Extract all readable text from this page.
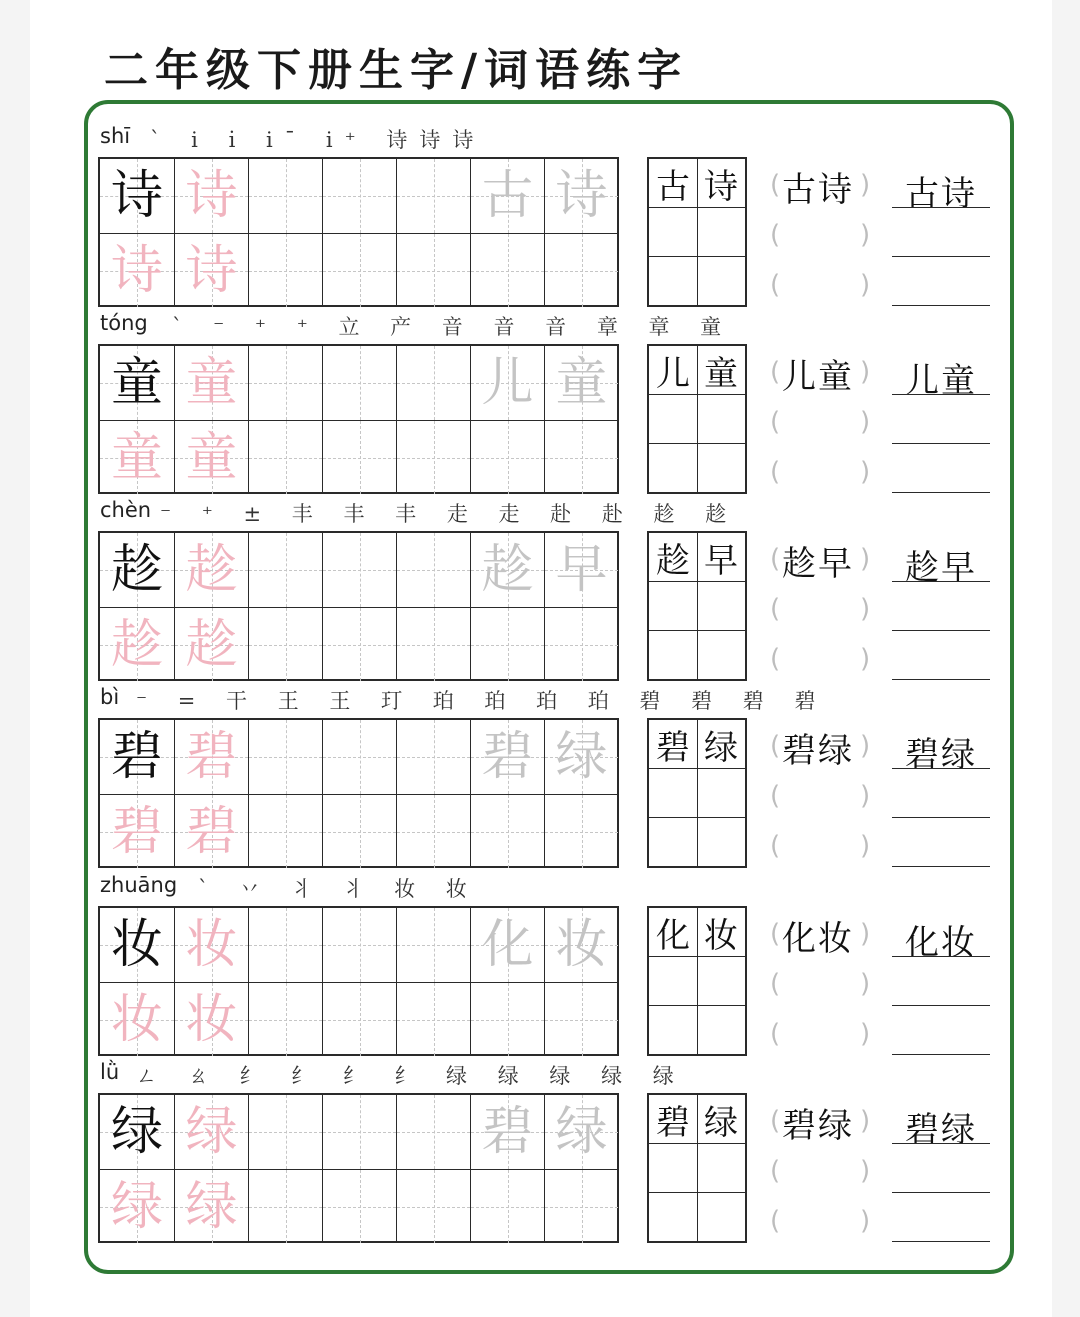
二年级下册生字/词语练字
shī ` i i̇ iˉ i⁺ 诗诗诗
诗 诗	古 诗
诗 诗
古 诗 古诗
(	)
(	)
(	)
古诗
tóng ` ⁻ ⁺ ⁺ 立 产 音 音 音 章 章 童
童 童	儿 童
童 童
儿 童 儿童
(	)
(	)
(	)
儿童
chèn ⁻ ⁺ ± 丰 丰 丰 走 走 赴 赴 趁 趁
趁 趁	趁 早
趁 趁
趁 早 趁早
(	)
(	)
(	)
趁早
bì ⁻ = 干 王 王 玎 珀 珀 珀 珀 碧 碧 碧 碧
碧 碧	碧 绿
碧 碧
碧 绿 碧绿
(	)
(	)
(	)
碧绿
zhuāng ` 丷 丬 丬 妆 妆
妆 妆	化 妆
妆 妆
化 妆 化妆
(	)
(	)
(	)
化妆
lǜ ㄥ ㄠ 纟 纟 纟 纟 绿 绿 绿 绿 绿
绿 绿	碧 绿
绿 绿
碧 绿 碧绿
(	)
(	)
(	)
碧绿
